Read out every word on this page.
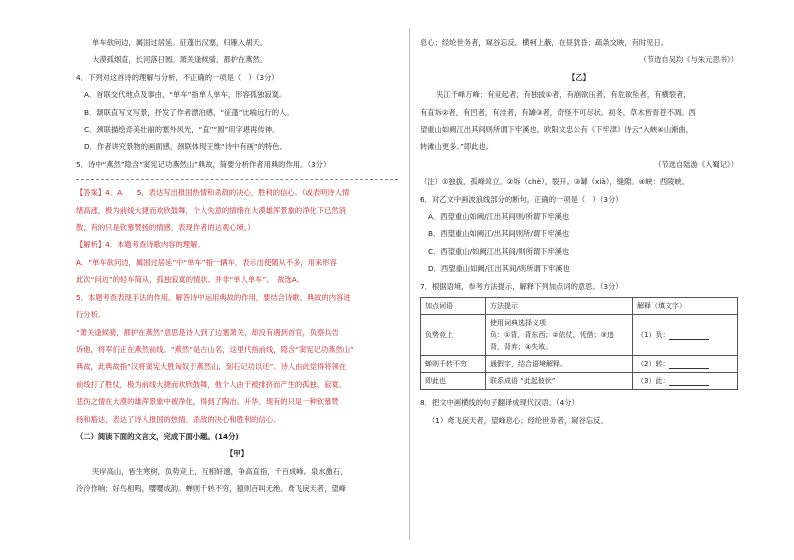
单车欲问边，属国过居延。征蓬出汉塞，归雁入胡天。
大漠孤烟直，长河落日圆。萧关逢候骑，都护在燕然。
4．下列对这首诗的理解与分析，不正确的一项是（　）（3分）
A．首联交代地点及事由，“单车”指单人单车，形容孤独寂寞。
B．颔联直写文写景，抒发了作者漂泊感，“征蓬”比喻远行的人。
C．颈联描绘奇美壮丽的塞外风光，“直”“圆”用字堪再传神。
D．作者讲究景物的画面感，颈联体现王维“诗中有画”的特色。
5．诗中“燕然”隐含“窦宪记功燕然山”典故，简要分析作者用典的作用。（3分）
【答案】4．A　　5．表达写出报国热情和杀敌的决心，胜利的信心。（或表明诗人情
绪高涨，极为前线大捷而欢欣鼓舞，个人失意的情绪在大漠雄浑景象的净化下已然消
散，有的只是钦慕赞扬的情感，表现作者的达观心境。）
【解析】4．本题考查诗歌内容的理解。
A．“单车欲问边，属国过居延”中“单车”指一辆车，表示出使随从不多，用来形容
此次“问边”的轻车简从，孤独寂寞的情状。并非“单人单车”。　故选A。
5．本题考查表现手法的作用。解答诗中运用典故的作用，要结合诗歌、典故的内容进
行分析。
“萧关逢候骑，都护在燕然”意思是诗人到了边塞萧关，却没有遇到首官，负察兵告
诉他，将军们正在燕然前线。“燕然”是古山名，这里代指前线，隐含“窦宪记功燕然山”
典故，此典故指“汉将窦宪大胜匈奴于燕然山，刻石记功以还”。诗人由此觉得将领在
前线打了胜仗，极为前线大捷而欢欣鼓舞，他个人由于被排挤而产生的孤独、寂寞、
悲伤之情在大漠的雄浑景象中被净化，得到了陶冶、升华。现有的只是一种钦慕赞
扬和豁达，表达了诗人报国的热情、杀敌的决心和胜利的信心。
（二）阅读下面的文言文，完成下面小题。(14分)
【甲】
夹岸高山，皆生寒树，负势竞上，互相轩邈，争高直指，千百成峰。泉水激石，
泠泠作响；好鸟相鸣，嘤嘤成韵。蝉则千转不穷，猿则百叫无绝。鸢飞戾天者，望峰
息心；经纶世务者，窥谷忘反。横柯上蔽，在昼犹昏；疏条交映，有时见日。
（节选自吴均《与朱元思书》）
【乙】
夹江千峰万峰：有竞起者，有独拔①者，有崩欲压者，有危欲坠者，有横裂者，
有直坼②者，有凹者，有洼者，有罅③者，奇怪不可尽状。初冬，草木皆青苍不凋。西
望重山如阙江出其间则所谓下牢溪也。欧阳文忠公有《下牢津》诗云“入峡④山渐曲，
转滩山更多。”即此也。
（节选自陆游《入蜀记》）
（注）①独拔，孤峰耸立。②坼（chè），裂开。③罅（xià），缝隙。④峡：西陵峡。
6．对乙文中画波浪线部分的断句，正确的一项是（　）（3分）
A．西望重山如阙/江出其间则/所谓下牢溪也
B．西望重山如阙江/出其间则所/谓下牢溪也
C．西望重山/如阙江出其间/则所谓下牢溪也
D．西望重山如阙/江出其间/则所谓下牢溪也
7．根据语境，参考方法提示，解释下列加点词的意思。（3分）
加点词语	方法提示	解释（填文字）
负势竞上	使用词典选择义项
负：①背，背东西；②依仗，凭借；③违
背，背弃；④失败。	（1）负：
蝉则千转不穷	通假字，结合语境解释。	（2）转：
即此也	联系成语 “此起彼伏”	（3）此：
8．把文中画横线的句子翻译成现代汉语。（4分）
（1）鸢飞戾天者，望峰息心；经纶世务者，窥谷忘反。
